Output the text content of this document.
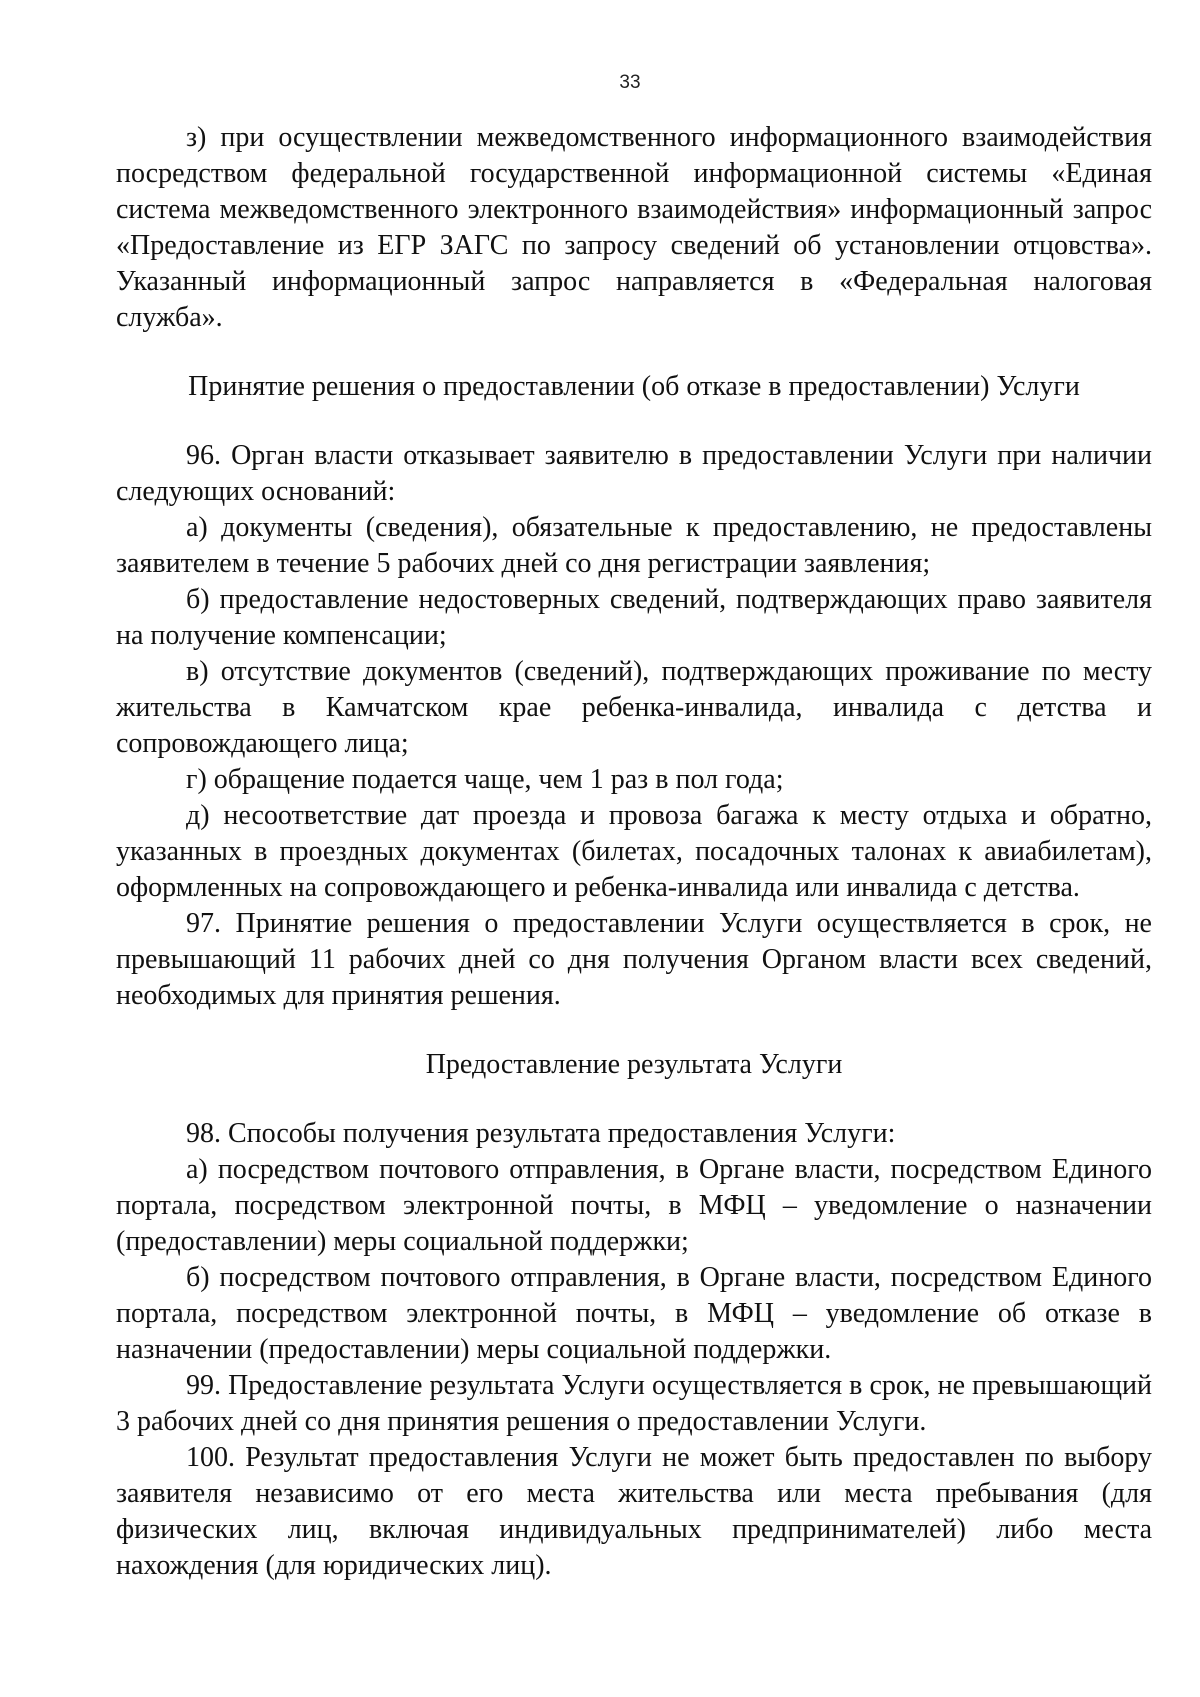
33

з) при осуществлении межведомственного информационного взаимодействия посредством федеральной государственной информационной системы «Единая система межведомственного электронного взаимодействия» информационный запрос «Предоставление из ЕГР ЗАГС по запросу сведений об установлении отцовства». Указанный информационный запрос направляется в «Федеральная налоговая служба».

Принятие решения о предоставлении (об отказе в предоставлении) Услуги

96. Орган власти отказывает заявителю в предоставлении Услуги при наличии следующих оснований:

а) документы (сведения), обязательные к предоставлению, не предоставлены заявителем в течение 5 рабочих дней со дня регистрации заявления;

б) предоставление недостоверных сведений, подтверждающих право заявителя на получение компенсации;

в) отсутствие документов (сведений), подтверждающих проживание по месту жительства в Камчатском крае ребенка-инвалида, инвалида с детства и сопровождающего лица;

г) обращение подается чаще, чем 1 раз в пол года;

д) несоответствие дат проезда и провоза багажа к месту отдыха и обратно, указанных в проездных документах (билетах, посадочных талонах к авиабилетам), оформленных на сопровождающего и ребенка-инвалида или инвалида с детства.

97. Принятие решения о предоставлении Услуги осуществляется в срок, не превышающий 11 рабочих дней со дня получения Органом власти всех сведений, необходимых для принятия решения.

Предоставление результата Услуги

98. Способы получения результата предоставления Услуги:

а) посредством почтового отправления, в Органе власти, посредством Единого портала, посредством электронной почты, в МФЦ – уведомление о назначении (предоставлении) меры социальной поддержки;

б) посредством почтового отправления, в Органе власти, посредством Единого портала, посредством электронной почты, в МФЦ – уведомление об отказе в назначении (предоставлении) меры социальной поддержки.

99. Предоставление результата Услуги осуществляется в срок, не превышающий 3 рабочих дней со дня принятия решения о предоставлении Услуги.

100. Результат предоставления Услуги не может быть предоставлен по выбору заявителя независимо от его места жительства или места пребывания (для физических лиц, включая индивидуальных предпринимателей) либо места нахождения (для юридических лиц).
